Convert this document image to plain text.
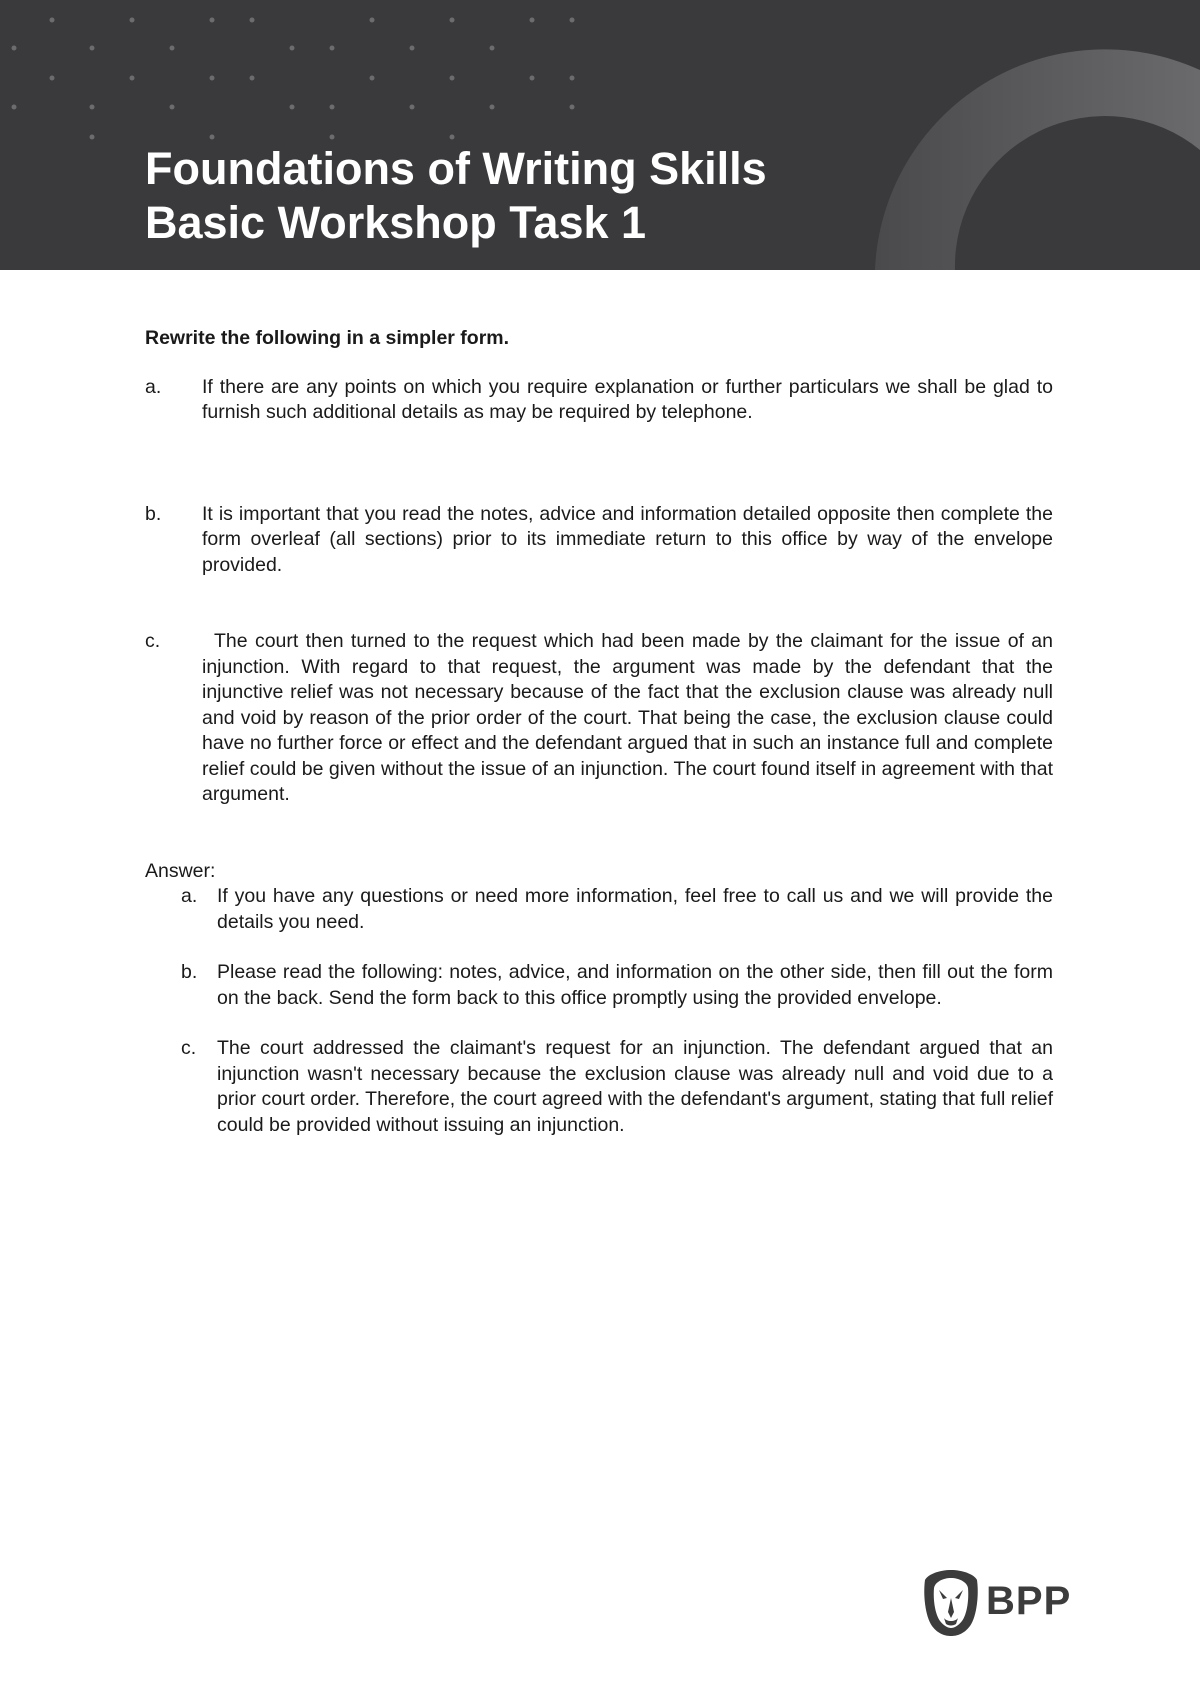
Foundations of Writing Skills
Basic Workshop Task 1

Rewrite the following in a simpler form.

a.	If there are any points on which you require explanation or further particulars we shall be glad to furnish such additional details as may be required by telephone.
b.	It is important that you read the notes, advice and information detailed opposite then complete the form overleaf (all sections) prior to its immediate return to this office by way of the envelope provided.
c.	The court then turned to the request which had been made by the claimant for the issue of an injunction. With regard to that request, the argument was made by the defendant that the injunctive relief was not necessary because of the fact that the exclusion clause was already null and void by reason of the prior order of the court. That being the case, the exclusion clause could have no further force or effect and the defendant argued that in such an instance full and complete relief could be given without the issue of an injunction. The court found itself in agreement with that argument.

Answer:

a.	If you have any questions or need more information, feel free to call us and we will provide the details you need.
b.	Please read the following: notes, advice, and information on the other side, then fill out the form on the back. Send the form back to this office promptly using the provided envelope.
c.	The court addressed the claimant's request for an injunction. The defendant argued that an injunction wasn't necessary because the exclusion clause was already null and void due to a prior court order. Therefore, the court agreed with the defendant's argument, stating that full relief could be provided without issuing an injunction.
BPP
